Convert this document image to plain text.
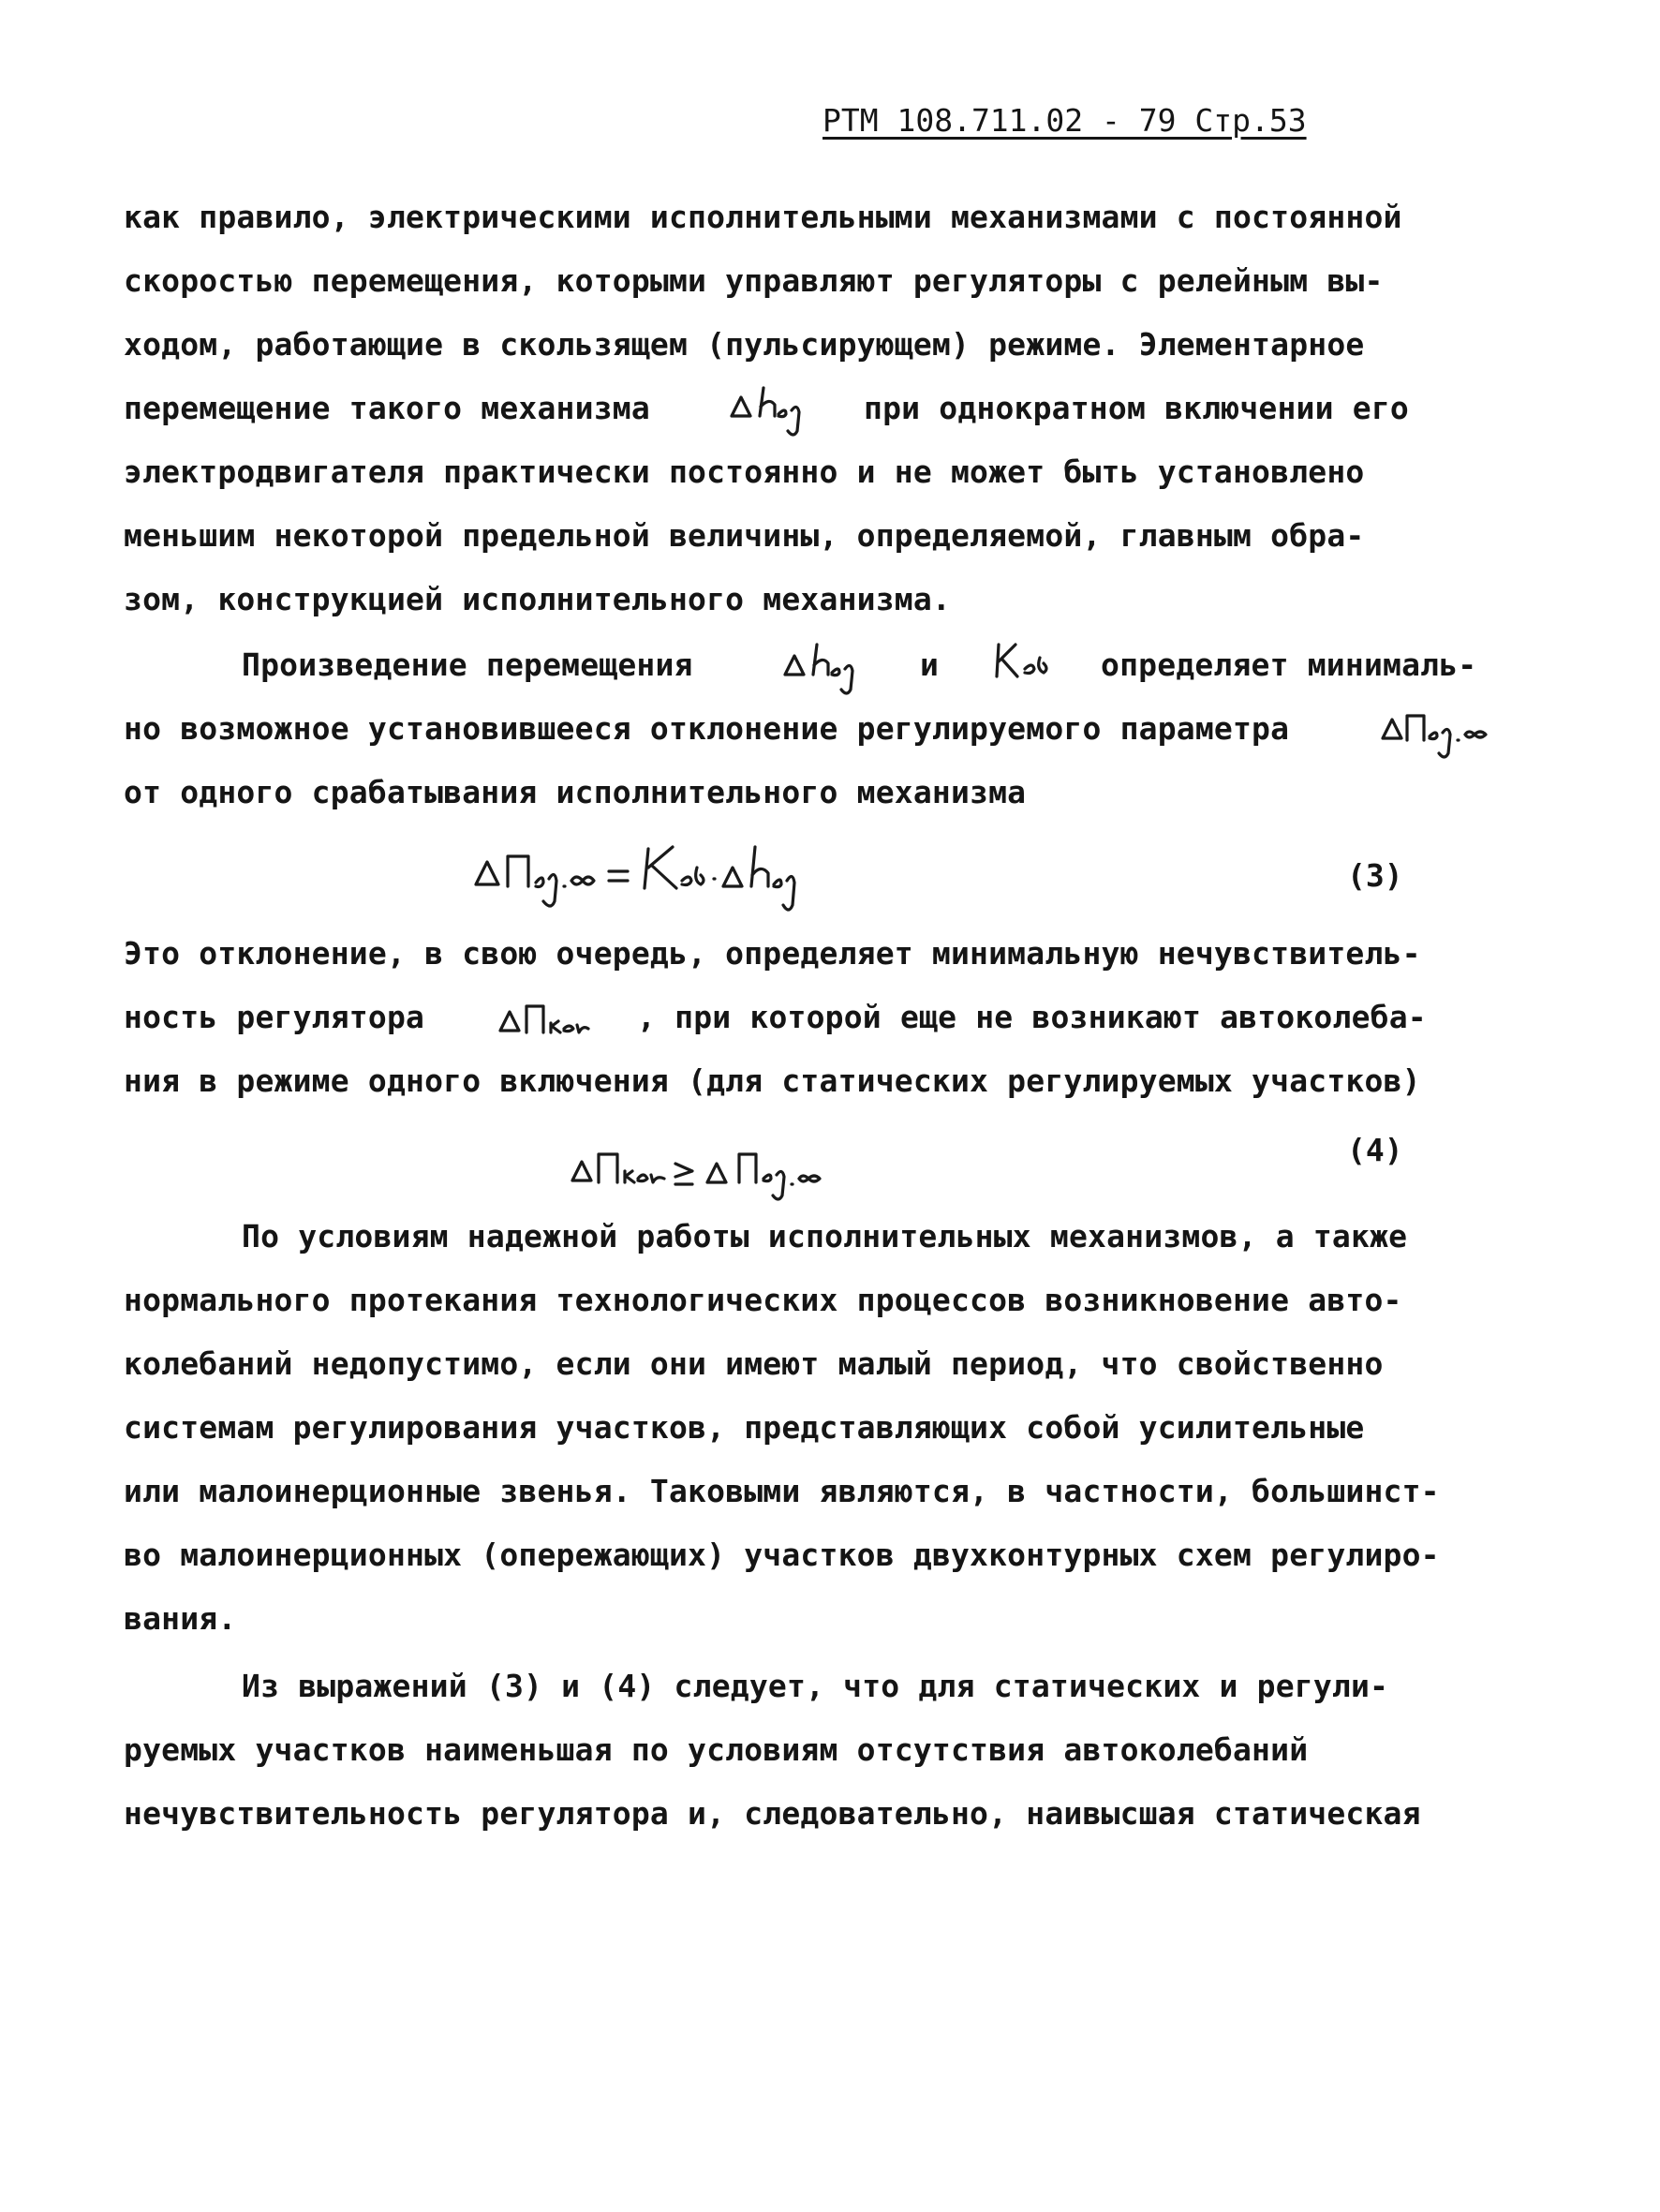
РТМ 108.711.02 - 79 Стр.53
как правило, электрическими исполнительными механизмами с постоянной
скоростью перемещения, которыми управляют регуляторы с релейным вы-
ходом, работающие в скользящем (пульсирующем) режиме. Элементарное
перемещение такого механизма	при однократном включении его
электродвигателя практически постоянно и не может быть установлено
меньшим некоторой предельной величины, определяемой, главным обра-
зом, конструкцией исполнительного механизма.
Произведение перемещения	и	определяет минималь-
но возможное установившееся отклонение регулируемого параметра
от одного срабатывания исполнительного механизма
(3)
Это отклонение, в свою очередь, определяет минимальную нечувствитель-
ность регулятора	, при которой еще не возникают автоколеба-
ния в режиме одного включения (для статических регулируемых участков)
(4)
По условиям надежной работы исполнительных механизмов, а также
нормального протекания технологических процессов возникновение авто-
колебаний недопустимо, если они имеют малый период, что свойственно
системам регулирования участков, представляющих собой усилительные
или малоинерционные звенья. Таковыми являются, в частности, большинст-
во малоинерционных (опережающих) участков двухконтурных схем регулиро-
вания.
Из выражений (3) и (4) следует, что для статических и регули-
руемых участков наименьшая по условиям отсутствия автоколебаний
нечувствительность регулятора и, следовательно, наивысшая статическая
